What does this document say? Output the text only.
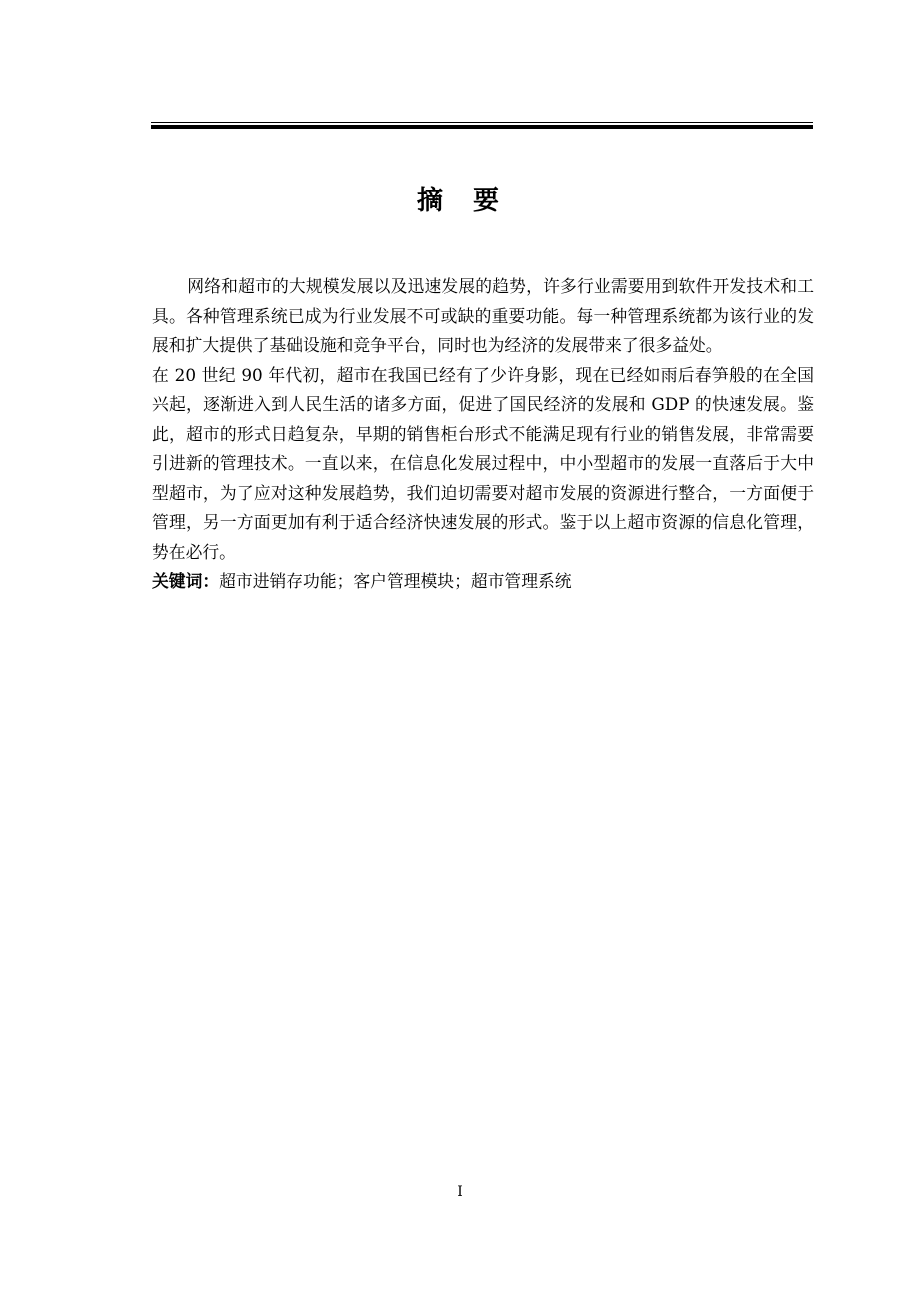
摘 要

网络和超市的大规模发展以及迅速发展的趋势，许多行业需要用到软件开发技术和工具。各种管理系统已成为行业发展不可或缺的重要功能。每一种管理系统都为该行业的发展和扩大提供了基础设施和竞争平台，同时也为经济的发展带来了很多益处。

在 20 世纪 90 年代初，超市在我国已经有了少许身影，现在已经如雨后春笋般的在全国兴起，逐渐进入到人民生活的诸多方面，促进了国民经济的发展和 GDP 的快速发展。鉴此，超市的形式日趋复杂，早期的销售柜台形式不能满足现有行业的销售发展，非常需要引进新的管理技术。一直以来，在信息化发展过程中，中小型超市的发展一直落后于大中型超市，为了应对这种发展趋势，我们迫切需要对超市发展的资源进行整合，一方面便于管理，另一方面更加有利于适合经济快速发展的形式。鉴于以上超市资源的信息化管理，势在必行。

关键词：超市进销存功能；客户管理模块；超市管理系统

I
